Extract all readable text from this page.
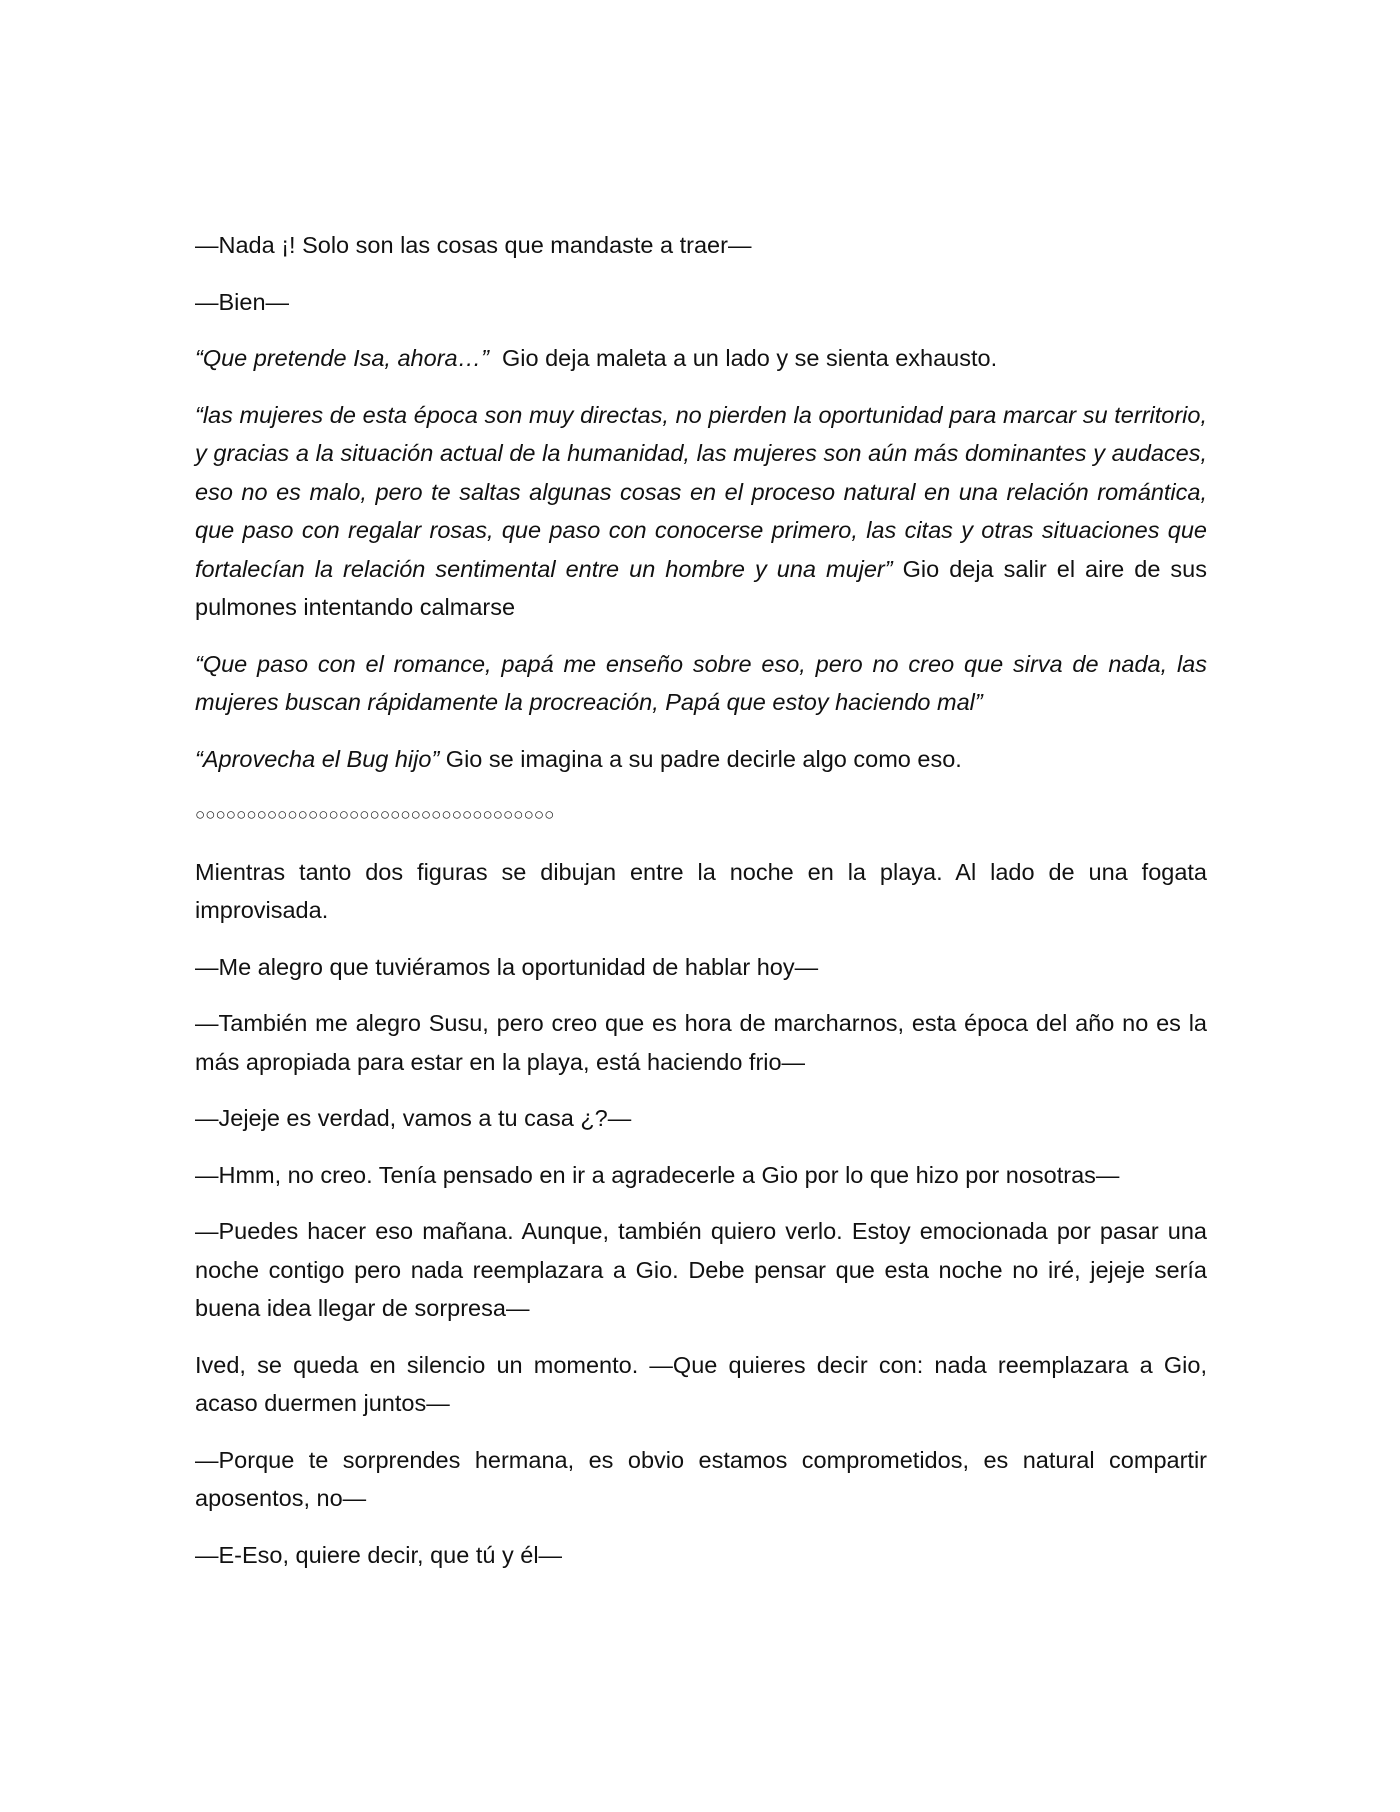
—Nada ¡! Solo son las cosas que mandaste a traer—

—Bien—

“Que pretende Isa, ahora…”  Gio deja maleta a un lado y se sienta exhausto.

“las mujeres de esta época son muy directas, no pierden la oportunidad para marcar su territorio, y gracias a la situación actual de la humanidad, las mujeres son aún más dominantes y audaces, eso no es malo, pero te saltas algunas cosas en el proceso natural en una relación romántica, que paso con regalar rosas, que paso con conocerse primero, las citas y otras situaciones que fortalecían la relación sentimental entre un hombre y una mujer” Gio deja salir el aire de sus pulmones intentando calmarse

“Que paso con el romance, papá me enseño sobre eso, pero no creo que sirva de nada, las mujeres buscan rápidamente la procreación, Papá que estoy haciendo mal”

“Aprovecha el Bug hijo” Gio se imagina a su padre decirle algo como eso.

○○○○○○○○○○○○○○○○○○○○○○○○○○○○○○○○○○○

Mientras tanto dos figuras se dibujan entre la noche en la playa. Al lado de una fogata improvisada.

—Me alegro que tuviéramos la oportunidad de hablar hoy—

—También me alegro Susu, pero creo que es hora de marcharnos, esta época del año no es la más apropiada para estar en la playa, está haciendo frio—

—Jejeje es verdad, vamos a tu casa ¿?—

—Hmm, no creo. Tenía pensado en ir a agradecerle a Gio por lo que hizo por nosotras—

—Puedes hacer eso mañana. Aunque, también quiero verlo. Estoy emocionada por pasar una noche contigo pero nada reemplazara a Gio. Debe pensar que esta noche no iré, jejeje sería buena idea llegar de sorpresa—

Ived, se queda en silencio un momento. —Que quieres decir con: nada reemplazara a Gio, acaso duermen juntos—

—Porque te sorprendes hermana, es obvio estamos comprometidos, es natural compartir aposentos, no—

—E-Eso, quiere decir, que tú y él—
